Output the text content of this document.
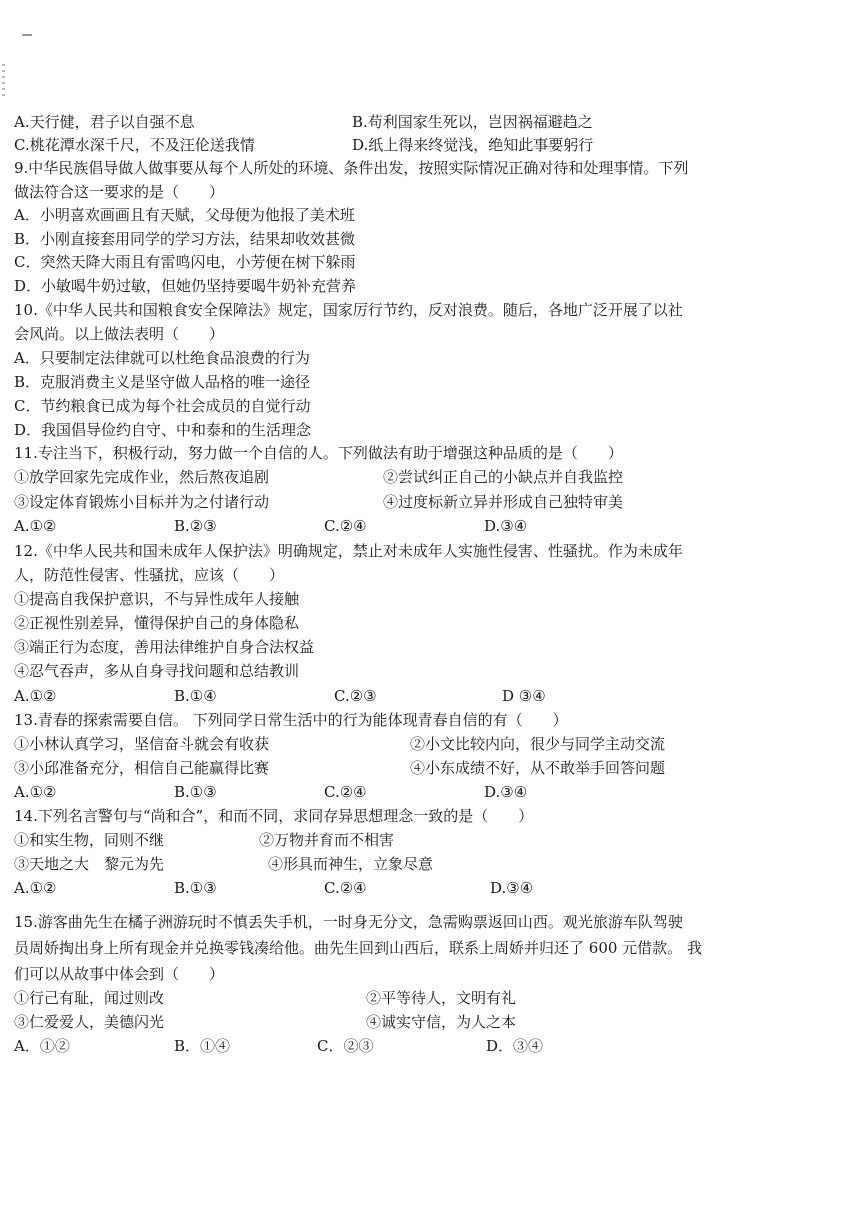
A.天行健，君子以自强不息	B.苟利国家生死以，岂因祸福避趋之
C.桃花潭水深千尺，不及汪伦送我情	D.纸上得来终觉浅，绝知此事要躬行
9.中华民族倡导做人做事要从每个人所处的环境、条件出发，按照实际情况正确对待和处理事情。下列
做法符合这一要求的是（　　）
A．小明喜欢画画且有天赋，父母便为他报了美术班
B．小刚直接套用同学的学习方法，结果却收效甚微
C．突然天降大雨且有雷鸣闪电，小芳便在树下躲雨
D．小敏喝牛奶过敏，但她仍坚持要喝牛奶补充营养
10.《中华人民共和国粮食安全保障法》规定，国家厉行节约，反对浪费。随后，各地广泛开展了以社
会风尚。以上做法表明（　　）
A．只要制定法律就可以杜绝食品浪费的行为
B．克服消费主义是坚守做人品格的唯一途径
C．节约粮食已成为每个社会成员的自觉行动
D．我国倡导俭约自守、中和泰和的生活理念
11.专注当下，积极行动，努力做一个自信的人。下列做法有助于增强这种品质的是（　　）
①放学回家先完成作业，然后熬夜追剧	②尝试纠正自己的小缺点并自我监控
③设定体育锻炼小目标并为之付诸行动	④过度标新立异并形成自己独特审美
A.①②	B.②③	C.②④	D.③④
12.《中华人民共和国未成年人保护法》明确规定，禁止对未成年人实施性侵害、性骚扰。作为未成年
人，防范性侵害、性骚扰，应该（　　）
①提高自我保护意识，不与异性成年人接触
②正视性别差异，懂得保护自己的身体隐私
③端正行为态度，善用法律维护自身合法权益
④忍气吞声，多从自身寻找问题和总结教训
A.①②	B.①④	C.②③	D ③④
13.青春的探索需要自信。 下列同学日常生活中的行为能体现青春自信的有（　　）
①小林认真学习，坚信奋斗就会有收获	②小文比较内向，很少与同学主动交流
③小邱准备充分，相信自己能赢得比赛	④小东成绩不好，从不敢举手回答问题
A.①②	B.①③	C.②④	D.③④
14.下列名言警句与“尚和合”，和而不同，求同存异思想理念一致的是（　　）
①和实生物，同则不继	②万物并育而不相害
③天地之大　黎元为先	④形具而神生，立象尽意
A.①②	B.①③	C.②④	D.③④
15.游客曲先生在橘子洲游玩时不慎丢失手机，一时身无分文，急需购票返回山西。观光旅游车队驾驶
员周娇掏出身上所有现金并兑换零钱凑给他。曲先生回到山西后，联系上周娇并归还了 600 元借款。 我
们可以从故事中体会到（　　）
①行己有耻，闻过则改	②平等待人，文明有礼
③仁爱爱人，美德闪光	④诚实守信，为人之本
A．①②	B．①④	C．②③	D．③④
